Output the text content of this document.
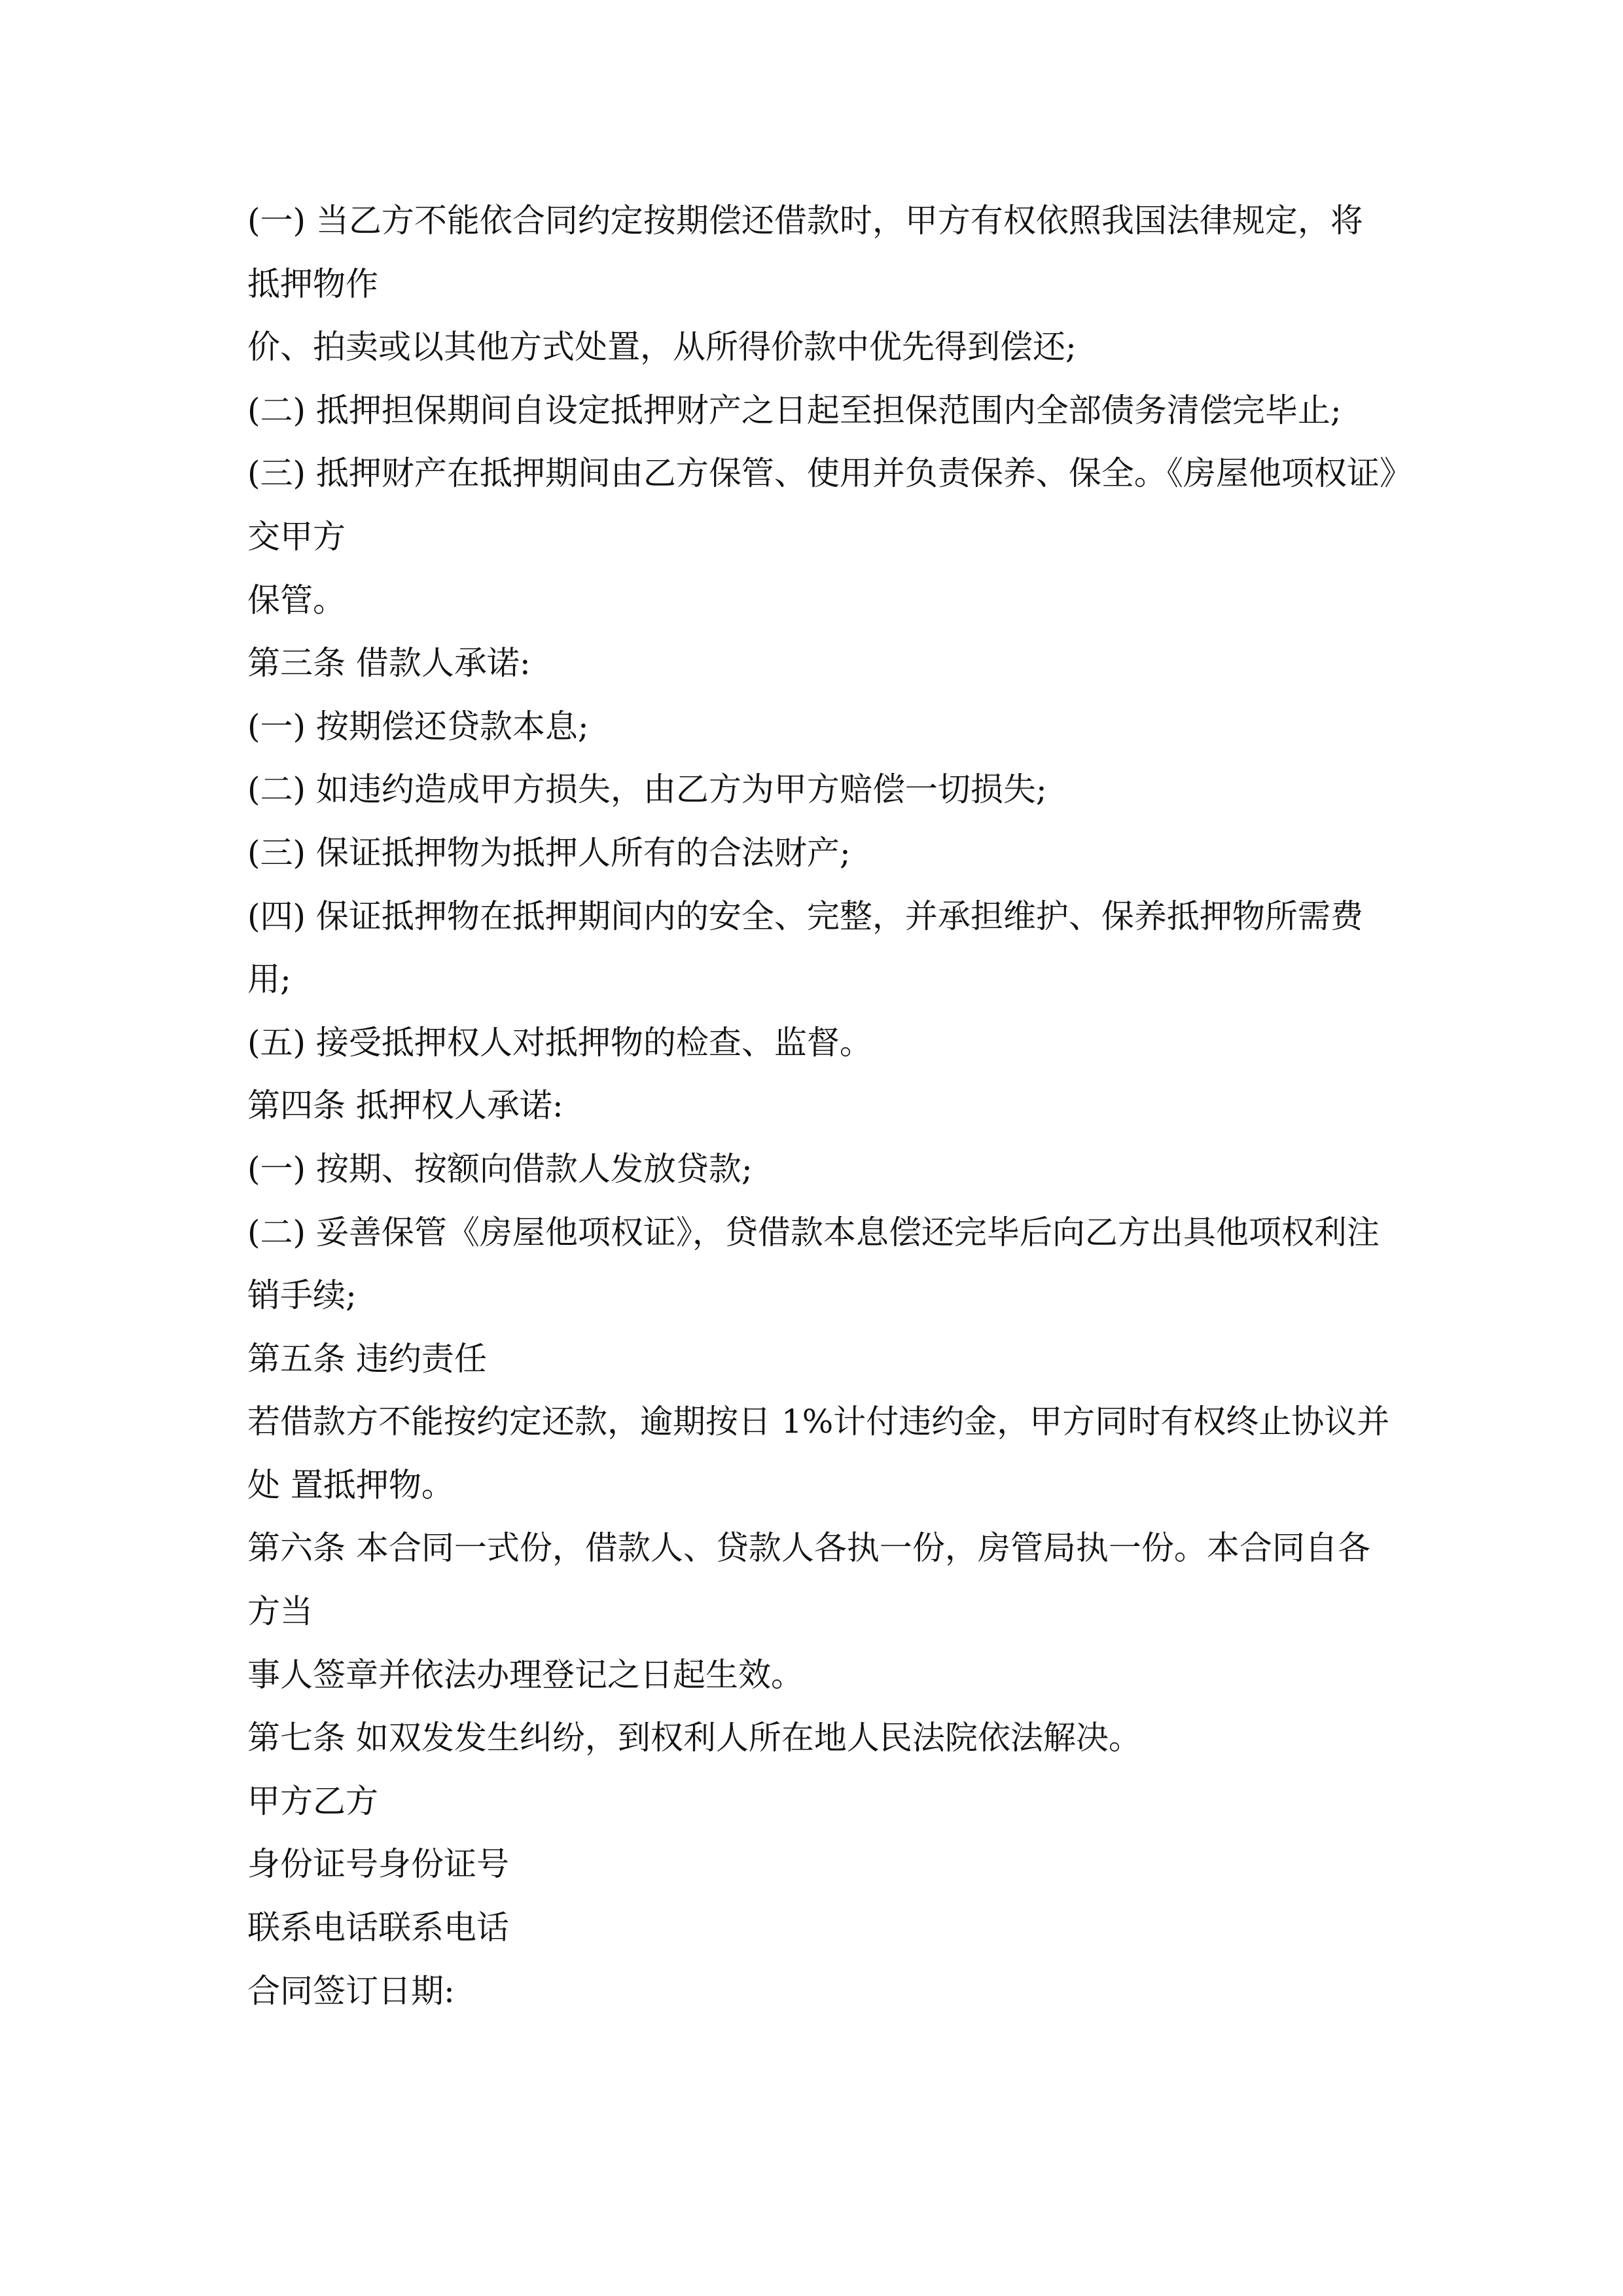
(一) 当乙方不能依合同约定按期偿还借款时，甲方有权依照我国法律规定，将
抵押物作
价、拍卖或以其他方式处置，从所得价款中优先得到偿还;
(二) 抵押担保期间自设定抵押财产之日起至担保范围内全部债务清偿完毕止;
(三) 抵押财产在抵押期间由乙方保管、使用并负责保养、保全。《房屋他项权证》
交甲方
保管。
第三条 借款人承诺:
(一) 按期偿还贷款本息;
(二) 如违约造成甲方损失，由乙方为甲方赔偿一切损失;
(三) 保证抵押物为抵押人所有的合法财产;
(四) 保证抵押物在抵押期间内的安全、完整，并承担维护、保养抵押物所需费
用;
(五) 接受抵押权人对抵押物的检查、监督。
第四条 抵押权人承诺:
(一) 按期、按额向借款人发放贷款;
(二) 妥善保管《房屋他项权证》，贷借款本息偿还完毕后向乙方出具他项权利注
销手续;
第五条 违约责任
若借款方不能按约定还款，逾期按日 1%计付违约金，甲方同时有权终止协议并
处 置抵押物。
第六条 本合同一式份，借款人、贷款人各执一份，房管局执一份。本合同自各
方当
事人签章并依法办理登记之日起生效。
第七条 如双发发生纠纷，到权利人所在地人民法院依法解决。
甲方乙方
身份证号身份证号
联系电话联系电话
合同签订日期:
